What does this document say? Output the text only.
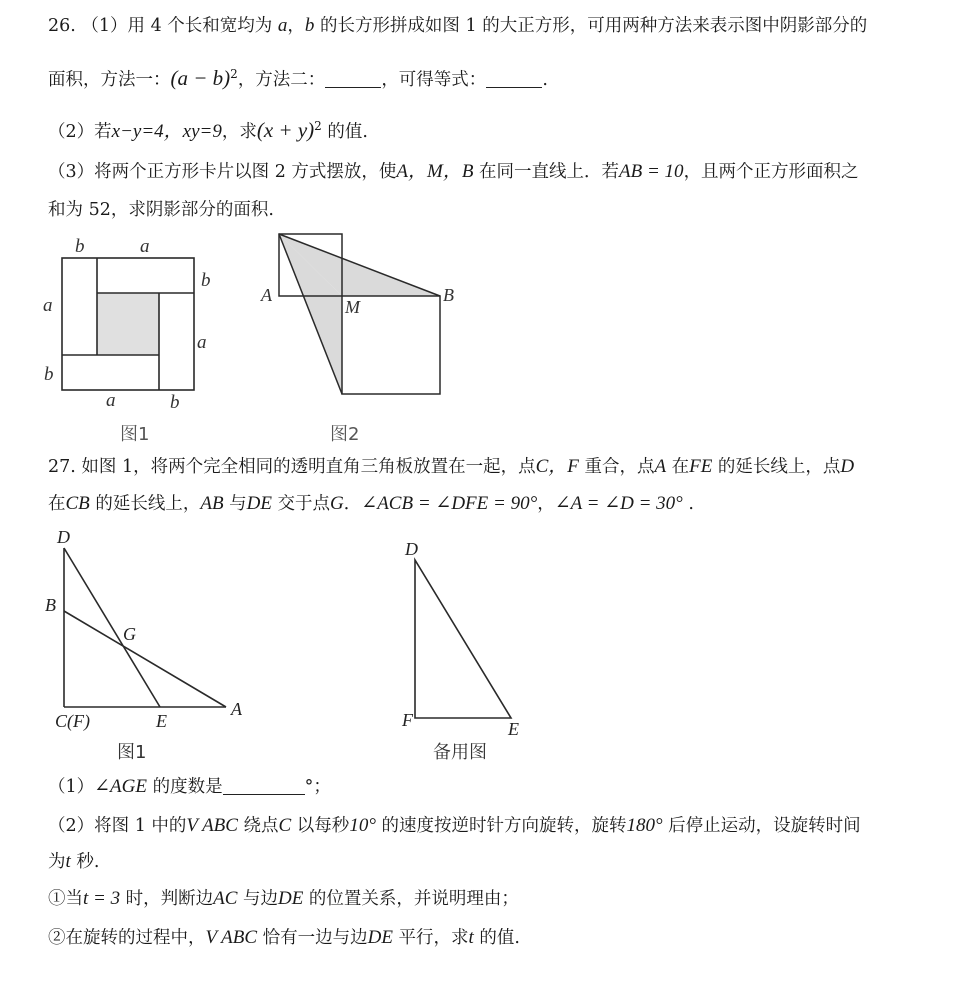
26. （1）用 4 个长和宽均为 a，b 的长方形拼成如图 1 的大正方形，可用两种方法来表示图中阴影部分的
面积，方法一：$(a - b)^2$，方法二：	，可得等式：	.
（2）若x−y=4，xy=9，求$(x + y)^2$ 的值.
（3）将两个正方形卡片以图 2 方式摆放，使A，M，B 在同一直线上．若AB = 10，且两个正方形面积之
和为 52，求阴影部分的面积.
b	a
b
a
a
b
a	b
图1
A
M
B
图2
27. 如图 1，将两个完全相同的透明直角三角板放置在一起，点C，F 重合，点A 在FE 的延长线上，点D
在CB 的延长线上，AB 与DE 交于点G．∠ACB = ∠DFE = 90°，∠A = ∠D = 30° .
D
B
G
C(F)	E
A
图1
D
F	E
备用图
（1）∠AGE 的度数是	°；
（2）将图 1 中的V ABC 绕点C 以每秒10° 的速度按逆时针方向旋转，旋转180° 后停止运动，设旋转时间
为t 秒.
①当t = 3 时，判断边AC 与边DE 的位置关系，并说明理由；
②在旋转的过程中，V ABC 恰有一边与边DE 平行，求t 的值.
